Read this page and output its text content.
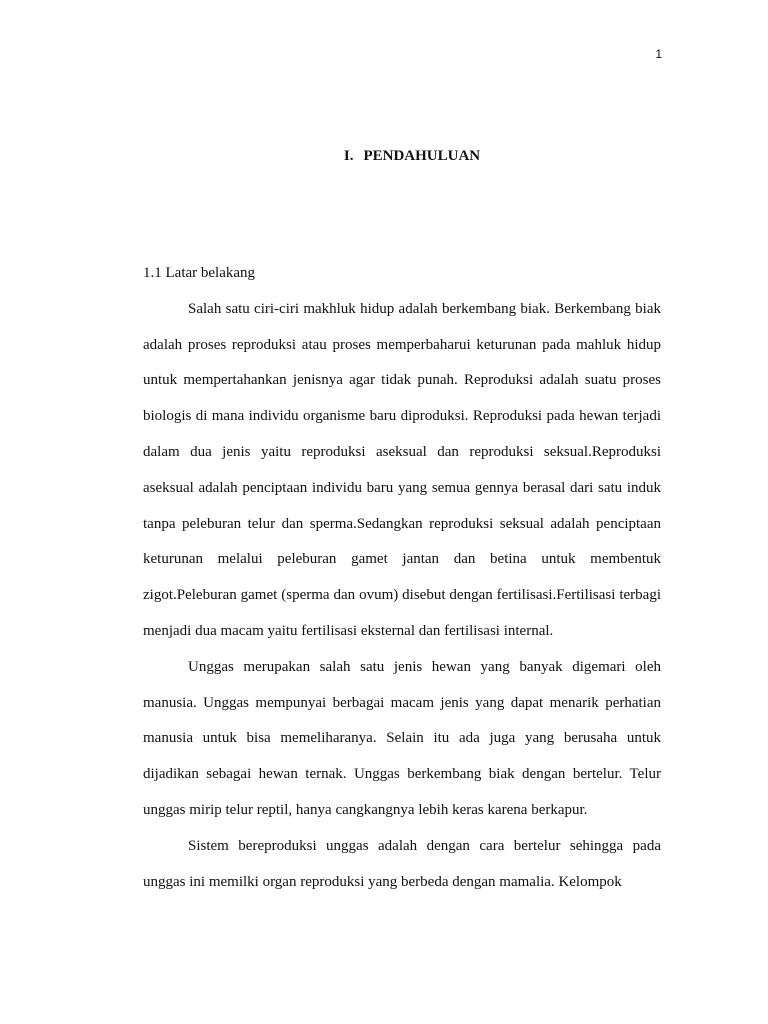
1
I. PENDAHULUAN

1.1 Latar belakang

Salah satu ciri-ciri makhluk hidup adalah berkembang biak. Berkembang biak adalah proses reproduksi atau proses memperbaharui keturunan pada mahluk hidup untuk mempertahankan jenisnya agar tidak punah. Reproduksi adalah suatu proses biologis di mana individu organisme baru diproduksi. Reproduksi pada hewan terjadi dalam dua jenis yaitu reproduksi aseksual dan reproduksi seksual.Reproduksi aseksual adalah penciptaan individu baru yang semua gennya berasal dari satu induk tanpa peleburan telur dan sperma.Sedangkan reproduksi seksual adalah penciptaan keturunan melalui peleburan gamet jantan dan betina untuk membentuk zigot.Peleburan gamet (sperma dan ovum) disebut dengan fertilisasi.Fertilisasi terbagi menjadi dua macam yaitu fertilisasi eksternal dan fertilisasi internal.

Unggas merupakan salah satu jenis hewan yang banyak digemari oleh manusia. Unggas mempunyai berbagai macam jenis yang dapat menarik perhatian manusia untuk bisa memeliharanya. Selain itu ada juga yang berusaha untuk dijadikan sebagai hewan ternak. Unggas berkembang biak dengan bertelur. Telur unggas mirip telur reptil, hanya cangkangnya lebih keras karena berkapur.

Sistem bereproduksi unggas adalah dengan cara bertelur sehingga pada unggas ini memilki organ reproduksi yang berbeda dengan mamalia. Kelompok
